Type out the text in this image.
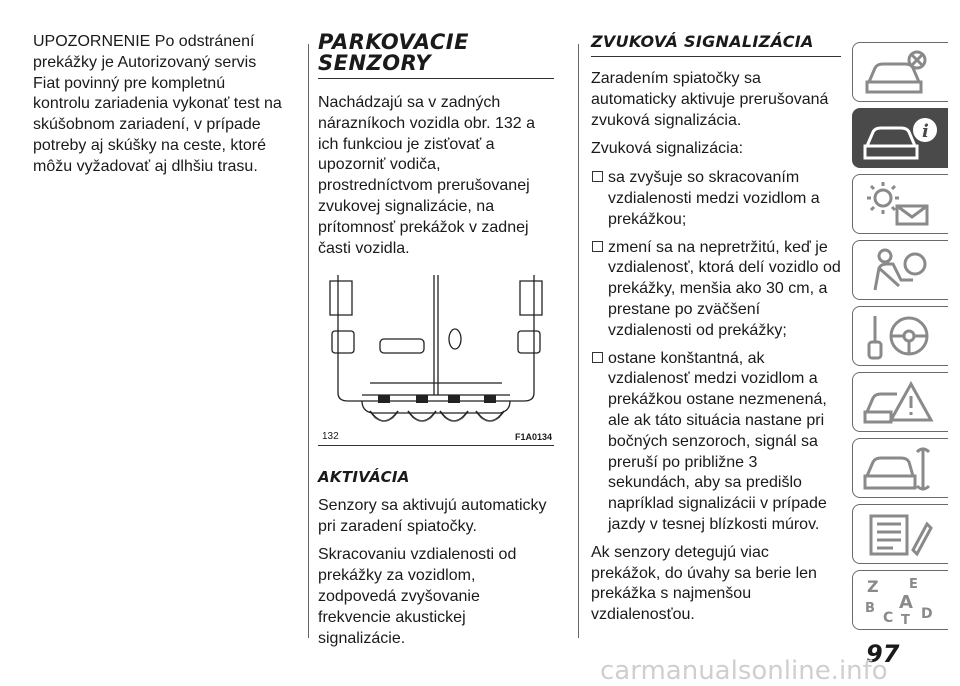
UPOZORNENIE Po odstránení prekážky je Autorizovaný servis Fiat povinný pre kompletnú kontrolu zariadenia vykonať test na skúšobnom zariadení, v prípade potreby aj skúšky na ceste, ktoré môžu vyžadovať aj dlhšiu trasu.

PARKOVACIE SENZORY

Nachádzajú sa v zadných nárazníkoch vozidla obr. 132 a ich funkciou je zisťovať a upozorniť vodiča, prostredníctvom prerušovanej zvukovej signalizácie, na prítomnosť prekážok v zadnej časti vozidla.

132	F1A0134
AKTIVÁCIA

Senzory sa aktivujú automaticky pri zaradení spiatočky.

Skracovaniu vzdialenosti od prekážky za vozidlom, zodpovedá zvyšovanie frekvencie akustickej signalizácie.

ZVUKOVÁ SIGNALIZÁCIA

Zaradením spiatočky sa automaticky aktivuje prerušovaná zvuková signalizácia.

Zvuková signalizácia:

sa zvyšuje so skracovaním vzdialenosti medzi vozidlom a prekážkou;
zmení sa na nepretržitú, keď je vzdialenosť, ktorá delí vozidlo od prekážky, menšia ako 30 cm, a prestane po zväčšení vzdialenosti od prekážky;
ostane konštantná, ak vzdialenosť medzi vozidlom a prekážkou ostane nezmenená, ale ak táto situácia nastane pri bočných senzoroch, signál sa preruší po približne 3 sekundách, aby sa predišlo napríklad signalizácii v prípade jazdy v tesnej blízkosti múrov.

Ak senzory detegujú viac prekážok, do úvahy sa berie len prekážka s najmenšou vzdialenosťou.

i
Z E
B A
C T D
97
carmanualsonline.info
